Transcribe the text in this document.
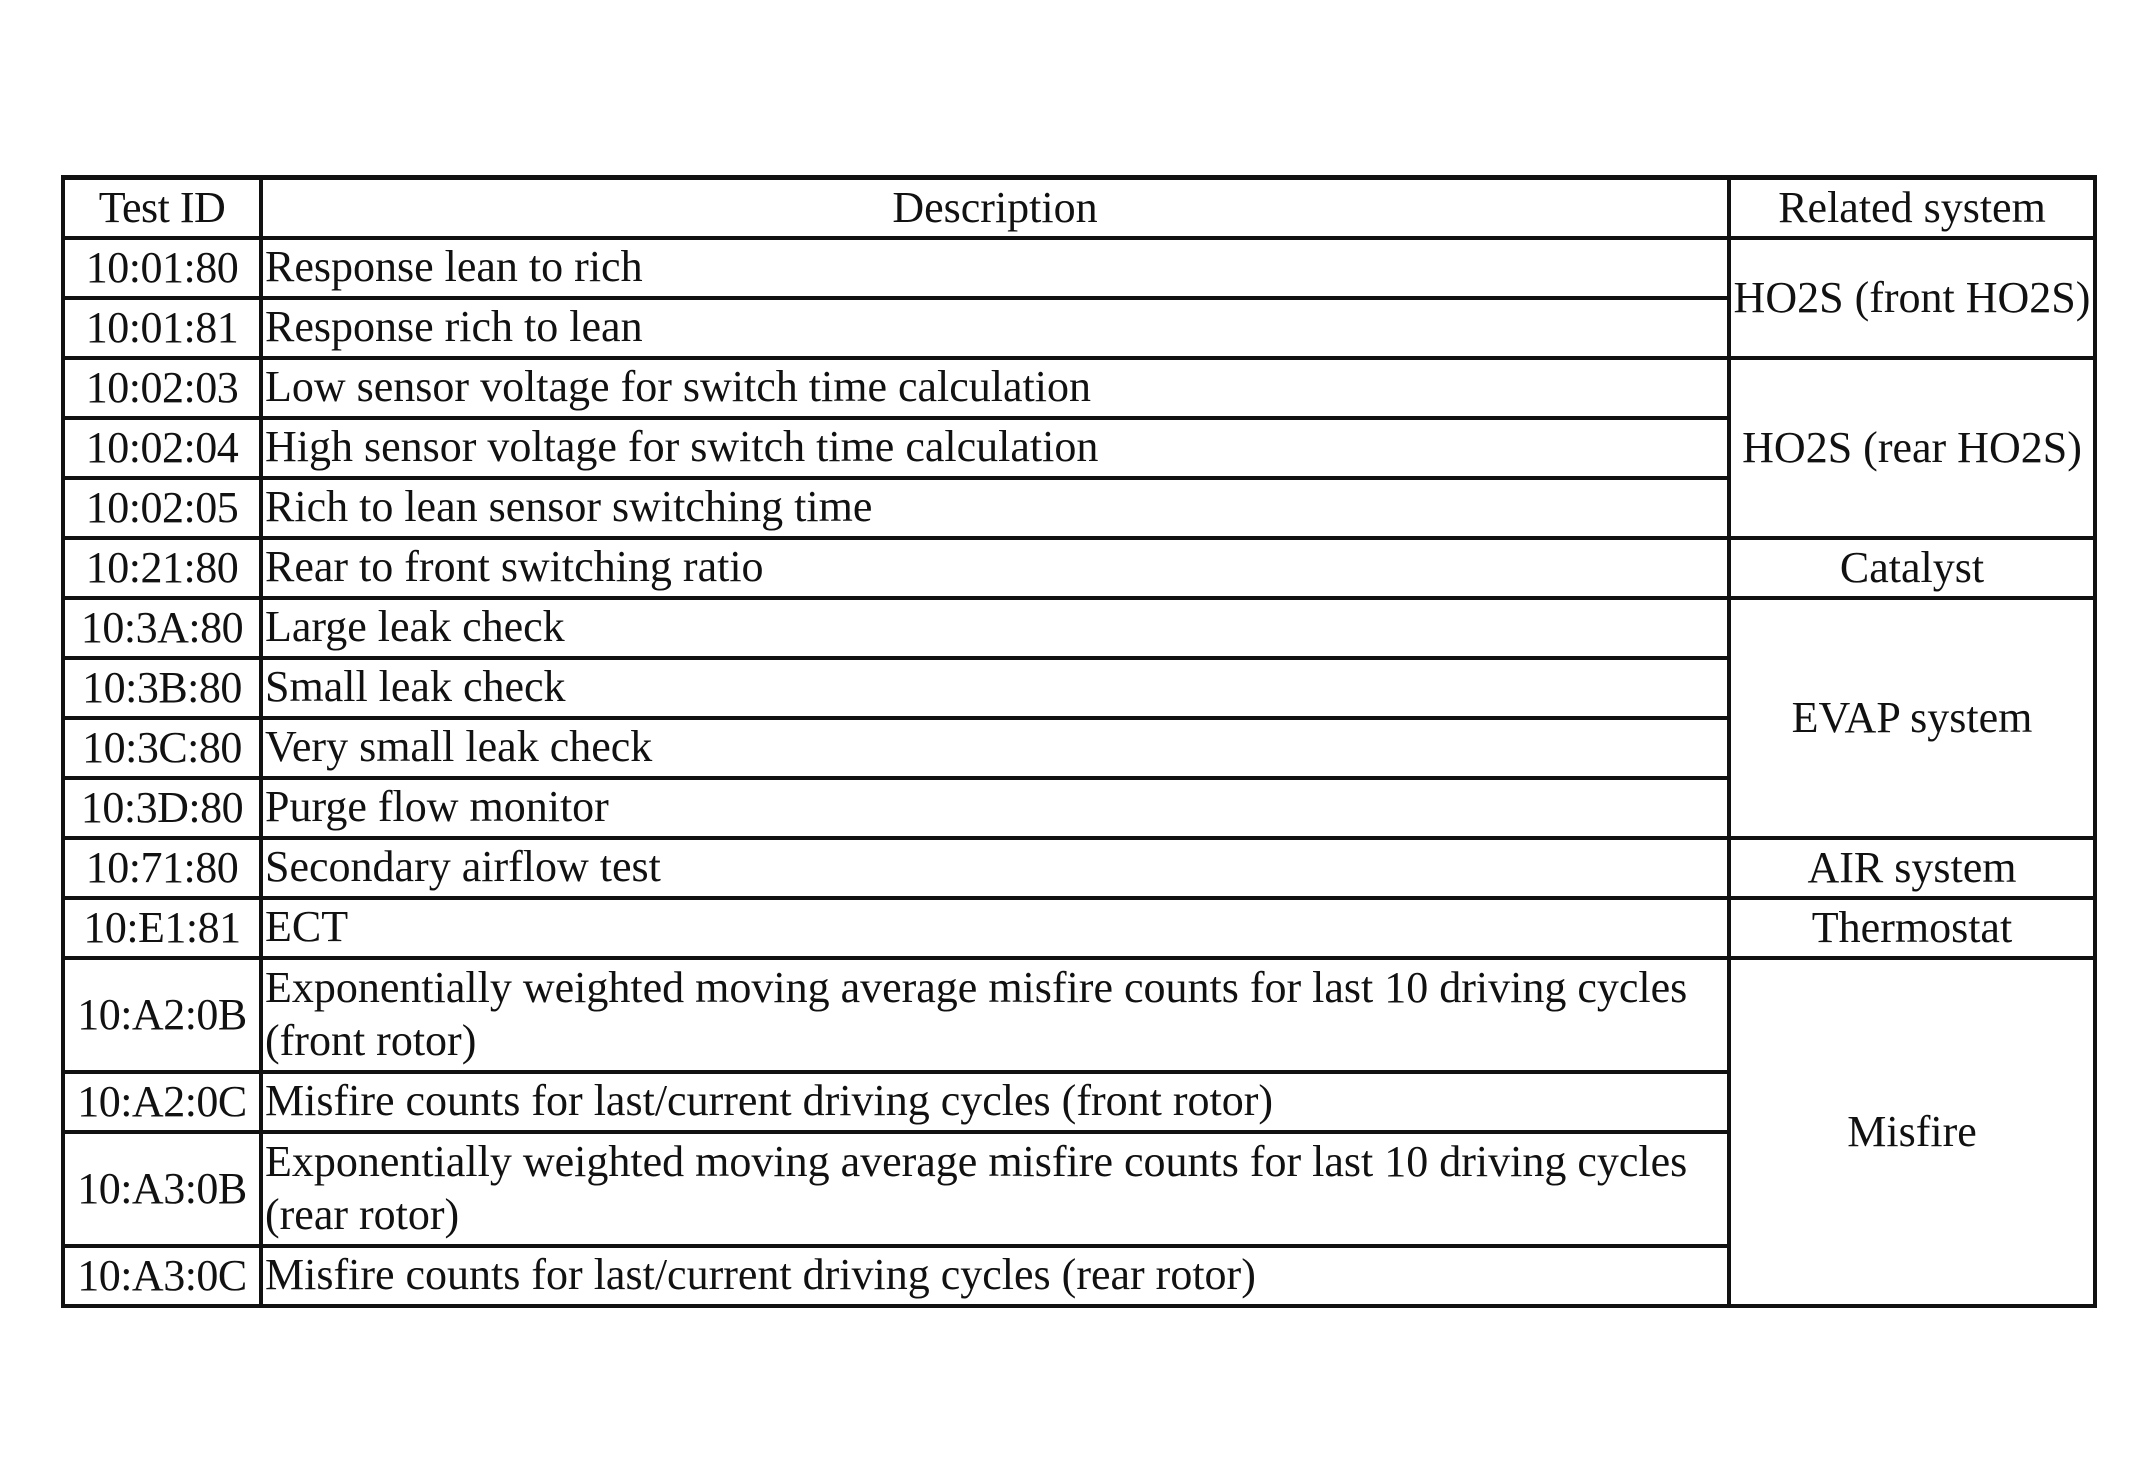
Test ID	Description	Related system
10:01:80	Response lean to rich	HO2S (front HO2S)
10:01:81	Response rich to lean	
10:02:03	Low sensor voltage for switch time calculation	HO2S (rear HO2S)
10:02:04	High sensor voltage for switch time calculation	
10:02:05	Rich to lean sensor switching time	
10:21:80	Rear to front switching ratio	Catalyst
10:3A:80	Large leak check	EVAP system
10:3B:80	Small leak check	
10:3C:80	Very small leak check	
10:3D:80	Purge flow monitor	
10:71:80	Secondary airflow test	AIR system
10:E1:81	ECT	Thermostat
10:A2:0B	Exponentially weighted moving average misfire counts for last 10 driving cycles (front rotor)	Misfire
10:A2:0C	Misfire counts for last/current driving cycles (front rotor)	
10:A3:0B	Exponentially weighted moving average misfire counts for last 10 driving cycles (rear rotor)	
10:A3:0C	Misfire counts for last/current driving cycles (rear rotor)	
